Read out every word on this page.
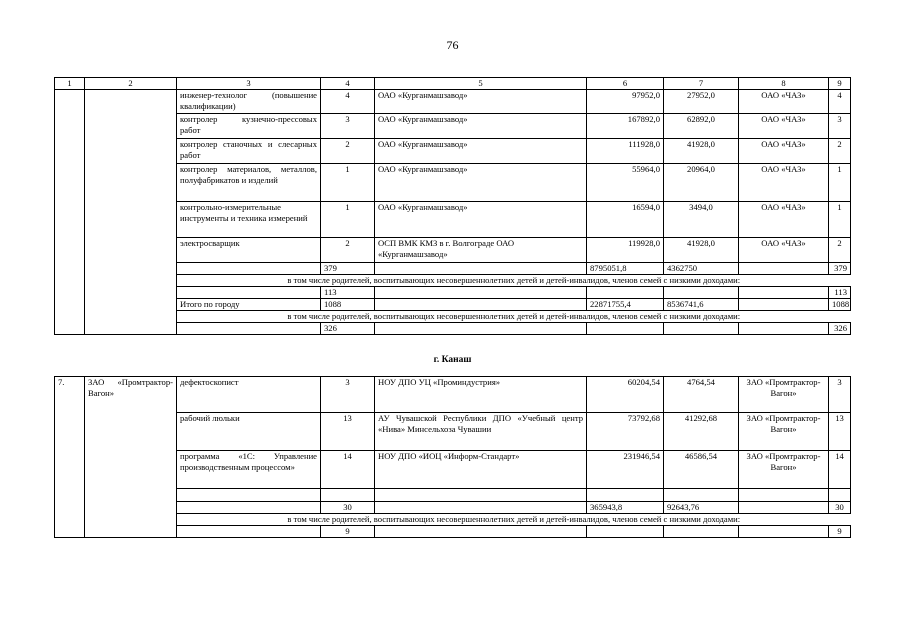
76
1	2	3	4	5	6	7	8	9
		инженер-технолог (повышение квалификации)	4	ОАО «Курганмашзавод»	97952,0	27952,0	ОАО «ЧАЗ»	4
		контролер кузнечно-прессовых работ	3	ОАО «Курганмашзавод»	167892,0	62892,0	ОАО «ЧАЗ»	3
		контролер станочных и слесарных работ	2	ОАО «Курганмашзавод»	111928,0	41928,0	ОАО «ЧАЗ»	2
		контролер материалов, металлов, полуфабрикатов и изделий	1	ОАО «Курганмашзавод»	55964,0	20964,0	ОАО «ЧАЗ»	1
		контрольно-измерительные инструменты и техника измерений	1	ОАО «Курганмашзавод»	16594,0	3494,0	ОАО «ЧАЗ»	1
		электросварщик	2	ОСП ВМК КМЗ в г. Волгограде ОАО «Курганмашзавод»	119928,0	41928,0	ОАО «ЧАЗ»	2
			379		8795051,8	4362750		379
		в том числе родителей, воспитывающих несовершеннолетних детей и детей-инвалидов, членов семей с низкими доходами:						
			113					113
		Итого по городу	1088		22871755,4	8536741,6		1088
		в том числе родителей, воспитывающих несовершеннолетних детей и детей-инвалидов, членов семей с низкими доходами:						
			326					326
г. Канаш
7.	ЗАО «Промтрактор-Вагон»	дефектоскопист	3	НОУ ДПО УЦ «Проминдустрия»	60204,54	4764,54	ЗАО «Промтрактор-Вагон»	3
		рабочий люльки	13	АУ Чувашской Республики ДПО «Учебный центр «Нива» Минсельхоза Чувашии	73792,68	41292,68	ЗАО «Промтрактор-Вагон»	13
		программа «1С: Управление производственным процессом»	14	НОУ ДПО «ИОЦ «Информ-Стандарт»	231946,54	46586,54	ЗАО «Промтрактор-Вагон»	14

			30		365943,8	92643,76		30
		в том числе родителей, воспитывающих несовершеннолетних детей и детей-инвалидов, членов семей с низкими доходами:						
			9					9
